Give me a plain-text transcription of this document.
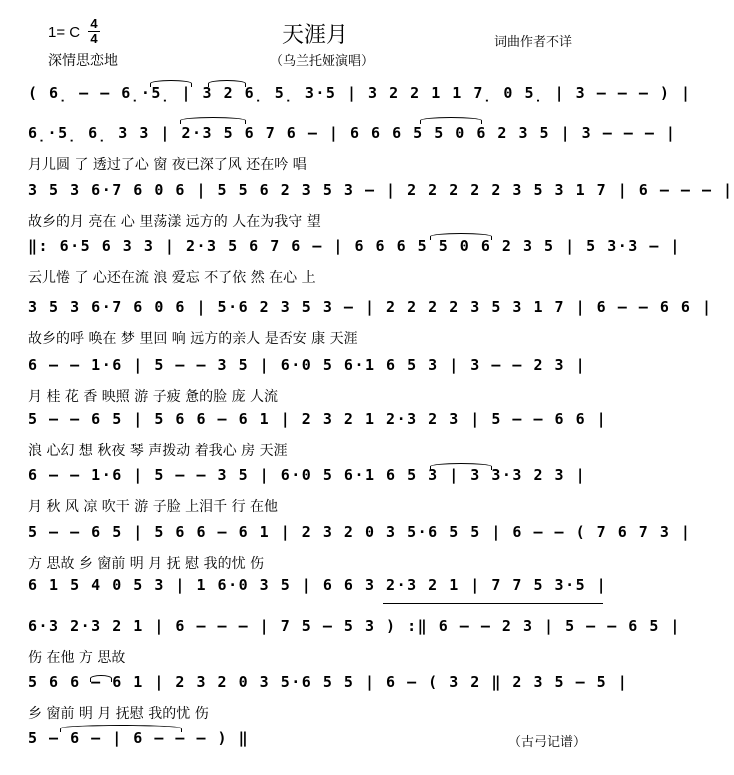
1= C
4
4
深情思恋地
天涯月
（乌兰托娅演唱）
词曲作者不详
( 6̣ — — 6̣·5̣ | 3 2 6̣ 5̣ 3·5 | 3 2 2 1 1 7̣ 0 5̣ | 3 — — — ) |
6̣·5̣ 6̣ 3 3 | 2·3 5 6 7 6 — | 6 6 6 5 5 0 6 2 3 5 | 3 — — — |
月儿圆 了 透过了心 窗 夜已深了风 还在吟 唱
3 5 3 6·7 6 0 6 | 5 5 6 2 3 5 3 — | 2 2 2 2 2 3 5 3 1 7 | 6 — — — |
故乡的月 亮在 心 里荡漾 远方的 人在为我守 望
‖: 6·5 6 3 3 | 2·3 5 6 7 6 — | 6 6 6 5 5 0 6 2 3 5 | 5 3·3 — |
云儿惓 了 心还在流 浪 爱忘 不了依 然 在心 上
3 5 3 6·7 6 0 6 | 5·6 2 3 5 3 — | 2 2 2 2 3 5 3 1 7 | 6 — — 6 6 |
故乡的呼 唤在 梦 里回 响 远方的亲人 是否安 康 天涯
6 — — 1·6 | 5 — — 3 5 | 6·0 5 6·1 6 5 3 | 3 — — 2 3 |
月 桂 花 香 映照 游 子疲 惫的脸 庞 人流
5 — — 6 5 | 5 6 6 — 6 1 | 2 3 2 1 2·3 2 3 | 5 — — 6 6 |
浪 心幻 想 秋夜 琴 声拨动 着我心 房 天涯
6 — — 1·6 | 5 — — 3 5 | 6·0 5 6·1 6 5 3 | 3 3·3 2 3 |
月 秋 风 凉 吹干 游 子脸 上泪千 行 在他
5 — — 6 5 | 5 6 6 — 6 1 | 2 3 2 0 3 5·6 5 5 | 6 — — ( 7 6 7 3 |
方 思故 乡 窗前 明 月 抚 慰 我的忧 伤
6 1 5 4 0 5 3 | 1 6·0 3 5 | 6 6 3 2·3 2 1 | 7 7 5 3·5 |
6·3 2·3 2 1 | 6 — — — | 7 5 — 5 3 ) :‖ 6 — — 2 3 | 5 — — 6 5 |
伤 在他 方 思故
5 6 6 — 6 1 | 2 3 2 0 3 5·6 5 5 | 6 — ( 3 2 ‖ 2 3 5 — 5 |
乡 窗前 明 月 抚慰 我的忧 伤
5 — 6 — | 6 — — — ) ‖	（古弓记谱）
